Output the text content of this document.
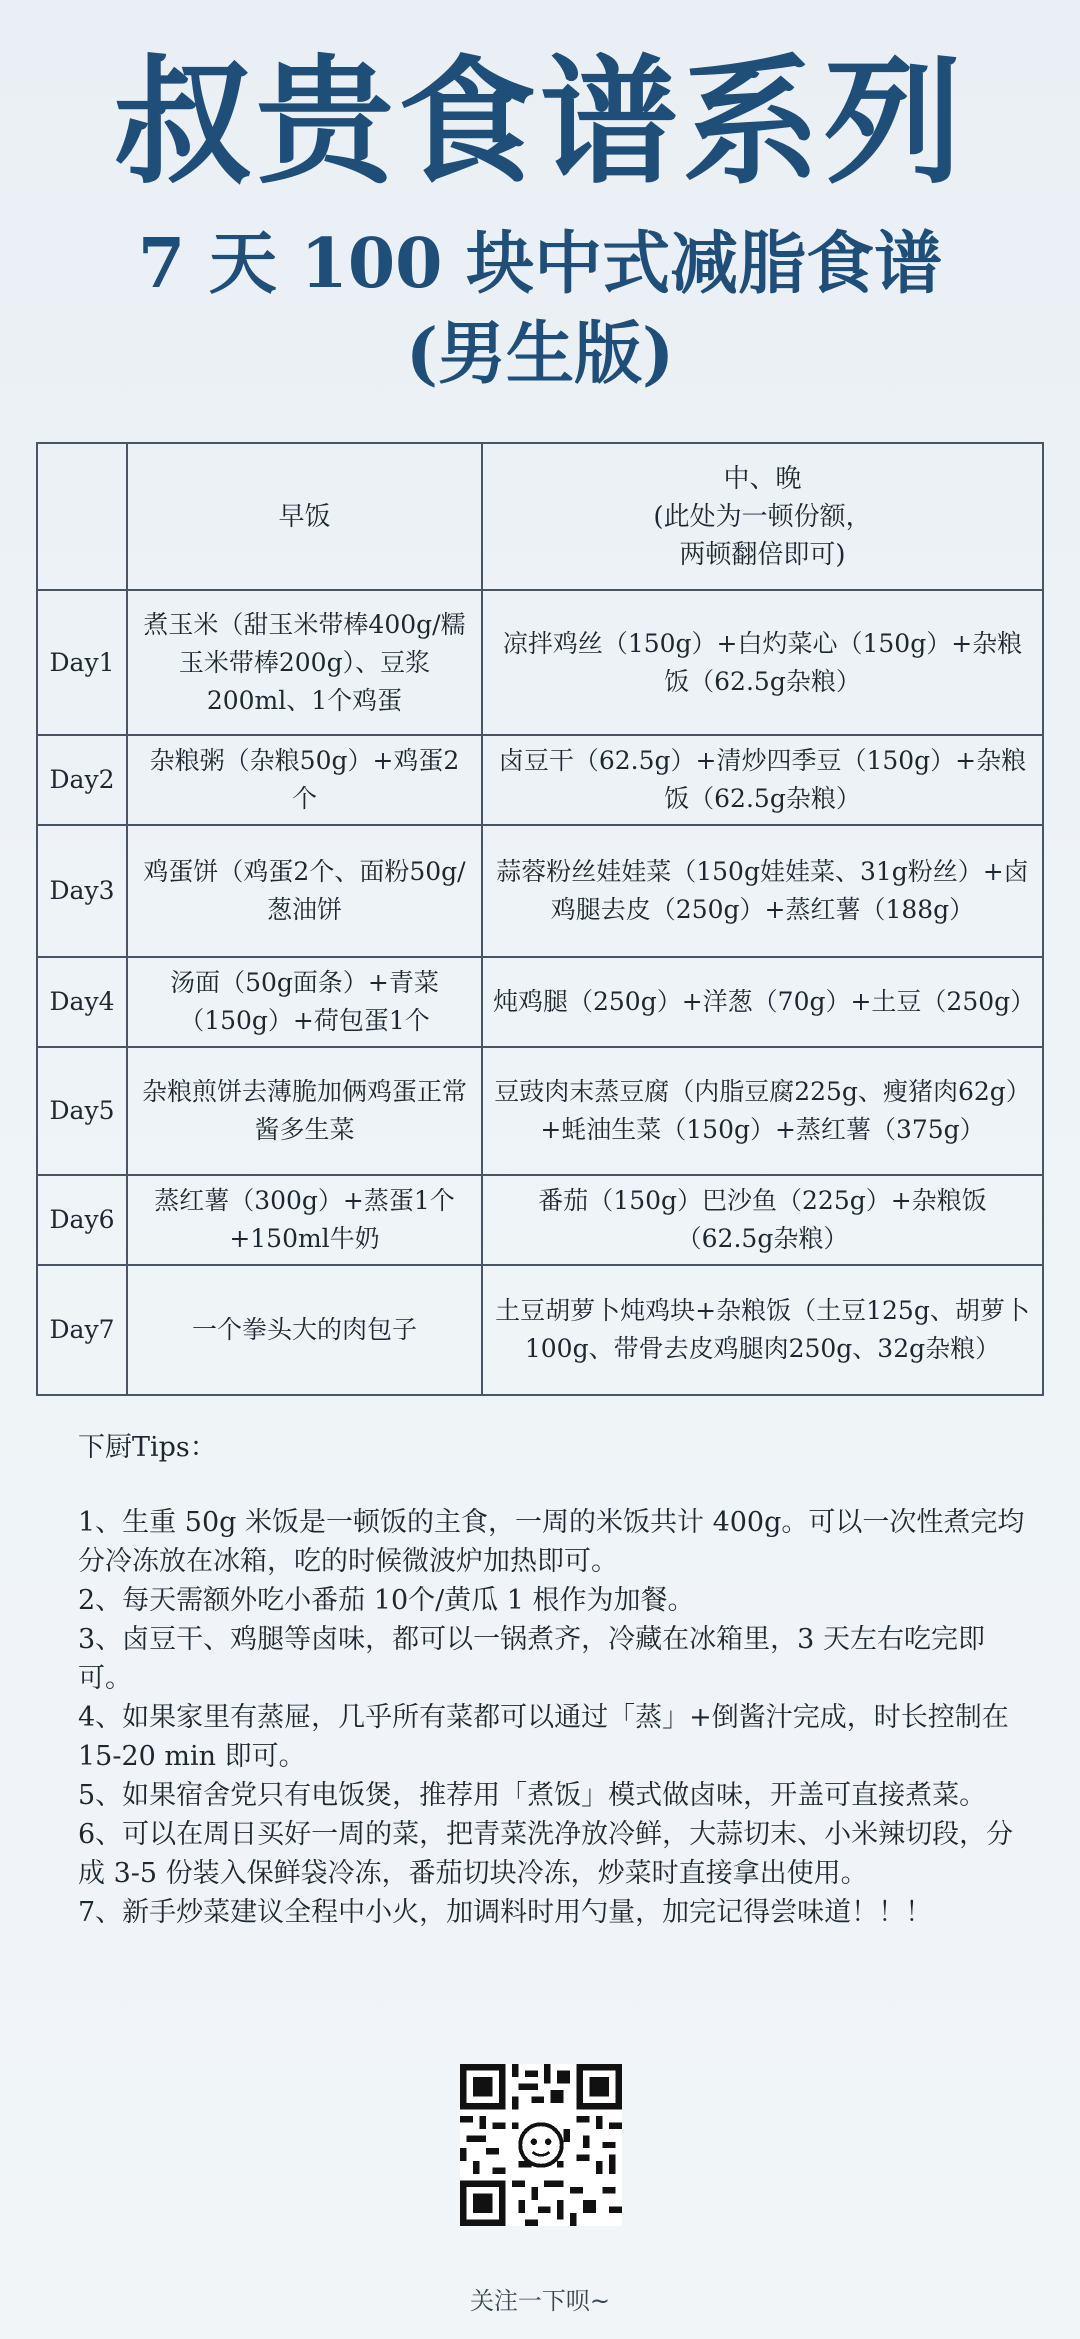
叔贵食谱系列
7 天 100 块中式减脂食谱
(男生版)
	早饭	中、晚
(此处为一顿份额，
两顿翻倍即可)

Day1	煮玉米（甜玉米带棒400g/糯玉米带棒200g）、豆浆 200ml、1个鸡蛋	凉拌鸡丝（150g）+白灼菜心（150g）+杂粮饭（62.5g杂粮）
Day2	杂粮粥（杂粮50g）+鸡蛋2个	卤豆干（62.5g）+清炒四季豆（150g）+杂粮饭（62.5g杂粮）
Day3	鸡蛋饼（鸡蛋2个、面粉50g/葱油饼	蒜蓉粉丝娃娃菜（150g娃娃菜、31g粉丝）+卤鸡腿去皮（250g）+蒸红薯（188g）
Day4	汤面（50g面条）+青菜（150g）+荷包蛋1个	炖鸡腿（250g）+洋葱（70g）+土豆（250g）
Day5	杂粮煎饼去薄脆加俩鸡蛋正常酱多生菜	豆豉肉末蒸豆腐（内脂豆腐225g、瘦猪肉62g）+蚝油生菜（150g）+蒸红薯（375g）
Day6	蒸红薯（300g）+蒸蛋1个+150ml牛奶	番茄（150g）巴沙鱼（225g）+杂粮饭（62.5g杂粮）
Day7	一个拳头大的肉包子	土豆胡萝卜炖鸡块+杂粮饭（土豆125g、胡萝卜100g、带骨去皮鸡腿肉250g、32g杂粮）

下厨Tips：

1、生重 50g 米饭是一顿饭的主食，一周的米饭共计 400g。可以一次性煮完均分冷冻放在冰箱，吃的时候微波炉加热即可。

2、每天需额外吃小番茄 10个/黄瓜 1 根作为加餐。

3、卤豆干、鸡腿等卤味，都可以一锅煮齐，冷藏在冰箱里，3 天左右吃完即可。

4、如果家里有蒸屉，几乎所有菜都可以通过「蒸」+倒酱汁完成，时长控制在 15-20 min 即可。

5、如果宿舍党只有电饭煲，推荐用「煮饭」模式做卤味，开盖可直接煮菜。

6、可以在周日买好一周的菜，把青菜洗净放冷鲜，大蒜切末、小米辣切段，分成 3-5 份装入保鲜袋冷冻，番茄切块冷冻，炒菜时直接拿出使用。

7、新手炒菜建议全程中小火，加调料时用勺量，加完记得尝味道！！！

关注一下呗~
